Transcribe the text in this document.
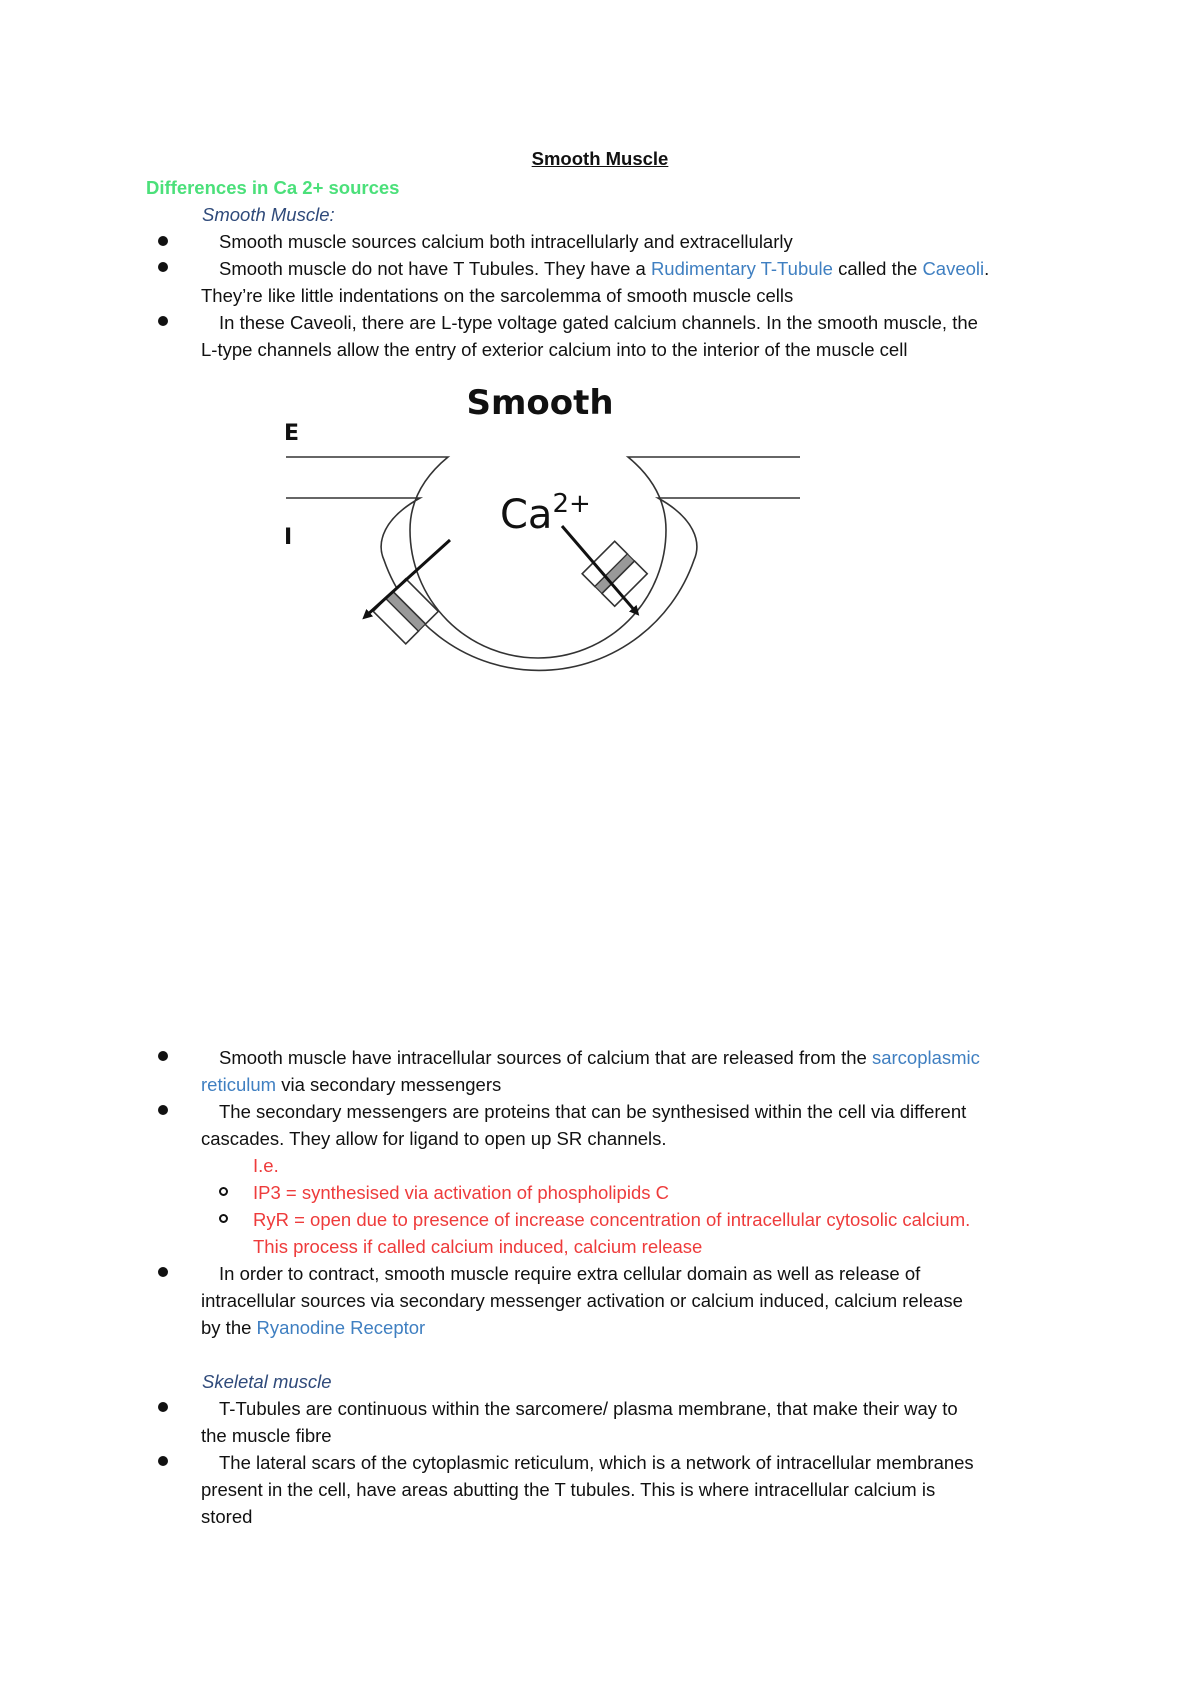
Smooth Muscle
Differences in Ca 2+ sources
Smooth Muscle:
Smooth muscle sources calcium both intracellularly and extracellularly
Smooth muscle do not have T Tubules. They have a Rudimentary T-Tubule called the Caveoli.
They’re like little indentations on the sarcolemma of smooth muscle cells
In these Caveoli, there are L-type voltage gated calcium channels. In the smooth muscle, the
L-type channels allow the entry of exterior calcium into to the interior of the muscle cell
Smooth
E
I	$Ca^{2+}$
Smooth muscle have intracellular sources of calcium that are released from the sarcoplasmic
reticulum via secondary messengers
The secondary messengers are proteins that can be synthesised within the cell via different
cascades. They allow for ligand to open up SR channels.
I.e.
IP3 = synthesised via activation of phospholipids C
RyR = open due to presence of increase concentration of intracellular cytosolic calcium.
This process if called calcium induced, calcium release
In order to contract, smooth muscle require extra cellular domain as well as release of
intracellular sources via secondary messenger activation or calcium induced, calcium release
by the Ryanodine Receptor
Skeletal muscle
T-Tubules are continuous within the sarcomere/ plasma membrane, that make their way to
the muscle fibre
The lateral scars of the cytoplasmic reticulum, which is a network of intracellular membranes
present in the cell, have areas abutting the T tubules. This is where intracellular calcium is
stored
